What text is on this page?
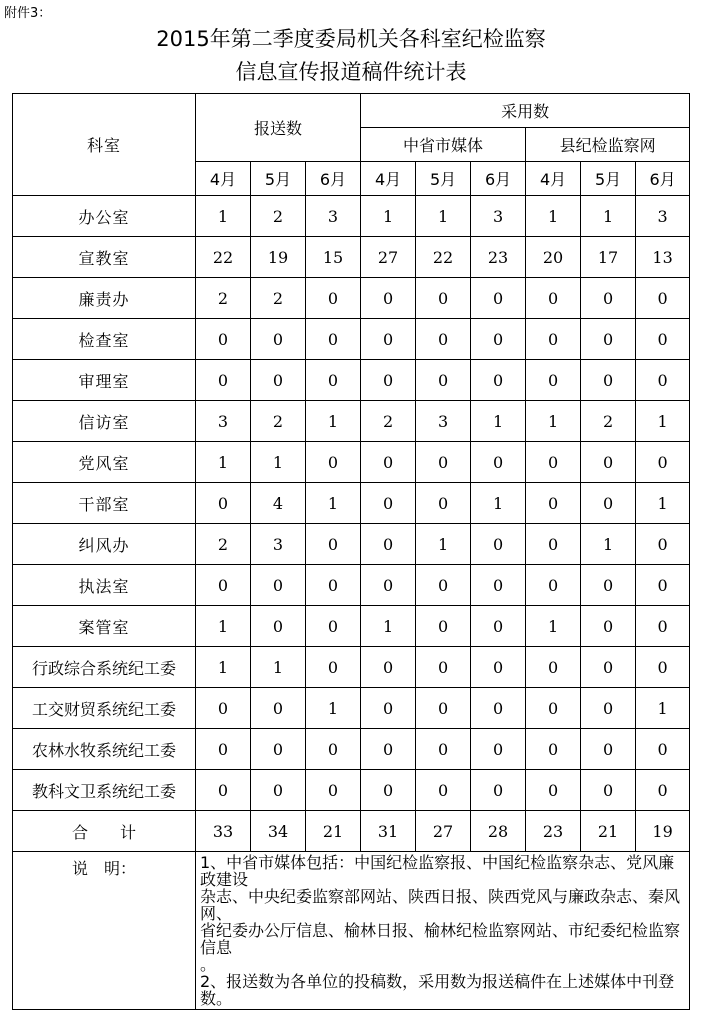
附件3：
2015年第二季度委局机关各科室纪检监察
信息宣传报道稿件统计表
科室	报送数			采用数					
				中省市媒体			县纪检监察网		
	4月	5月	6月	4月	5月	6月	4月	5月	6月
办公室	1	2	3	1	1	3	1	1	3
宣教室	22	19	15	27	22	23	20	17	13
廉责办	2	2	0	0	0	0	0	0	0
检查室	0	0	0	0	0	0	0	0	0
审理室	0	0	0	0	0	0	0	0	0
信访室	3	2	1	2	3	1	1	2	1
党风室	1	1	0	0	0	0	0	0	0
干部室	0	4	1	0	0	1	0	0	1
纠风办	2	3	0	0	1	0	0	1	0
执法室	0	0	0	0	0	0	0	0	0
案管室	1	0	0	1	0	0	1	0	0
行政综合系统纪工委	1	1	0	0	0	0	0	0	0
工交财贸系统纪工委	0	0	1	0	0	0	0	0	1
农林水牧系统纪工委	0	0	0	0	0	0	0	0	0
教科文卫系统纪工委	0	0	0	0	0	0	0	0	0
合　　计	33	34	21	31	27	28	23	21	19
说　明：	1、中省市媒体包括：中国纪检监察报、中国纪检监察杂志、党风廉政建设
杂志、中央纪委监察部网站、陕西日报、陕西党风与廉政杂志、秦风网、
省纪委办公厅信息、榆林日报、榆林纪检监察网站、市纪委纪检监察信息
。
2、报送数为各单位的投稿数，采用数为报送稿件在上述媒体中刊登数。								
